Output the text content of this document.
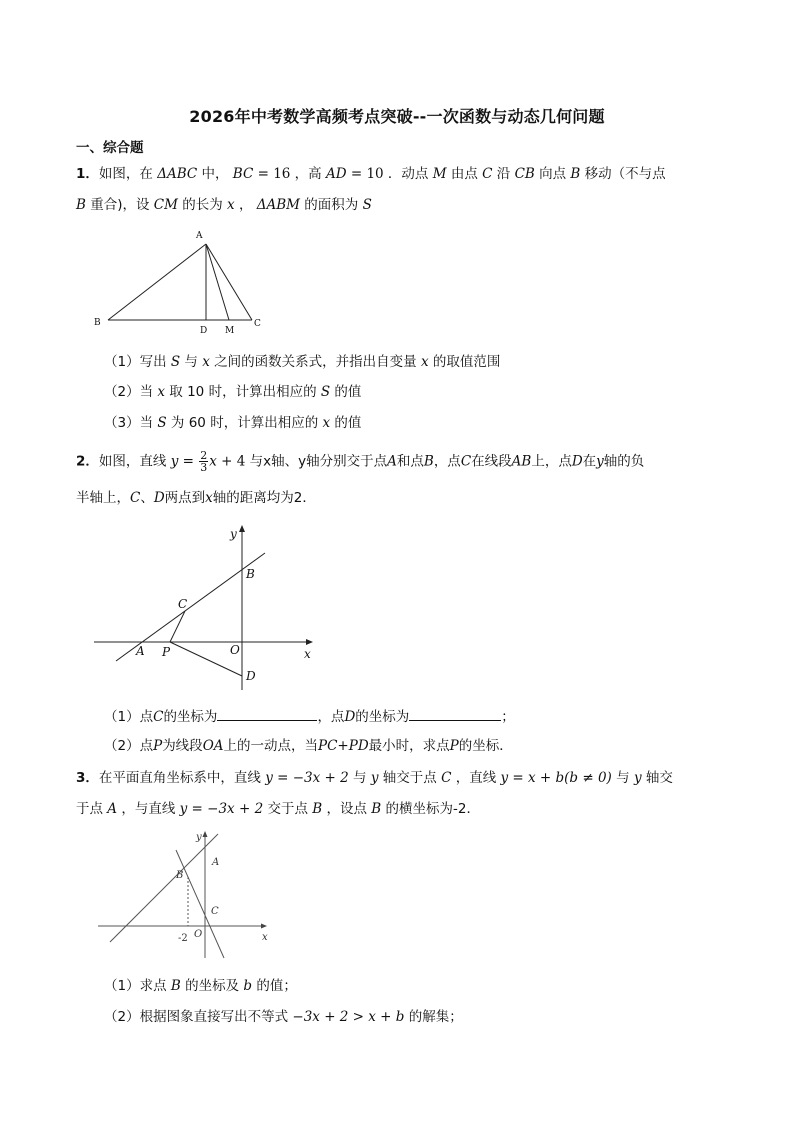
2026年中考数学高频考点突破--一次函数与动态几何问题
一、综合题
1．如图，在 ΔABC 中， BC = 16 ，高 AD = 10 ．动点 M 由点 C 沿 CB 向点 B 移动（不与点
B 重合)，设 CM 的长为 x ， ΔABM 的面积为 S
A
B
D M
C
（1）写出 S 与 x 之间的函数关系式，并指出自变量 x 的取值范围
（2）当 x 取 10 时，计算出相应的 S 的值
（3）当 S 为 60 时，计算出相应的 x 的值
2．如图，直线 $y = \frac{2}{3}$ x + 4 与x轴、y轴分别交于点A和点B，点C在线段AB上，点D在y轴的负
半轴上，C、D两点到x轴的距离均为2．
y
x
B
C
A P	O
D
（1）点C的坐标为	，点D的坐标为	；
（2）点P为线段OA上的一动点，当PC+PD最小时，求点P的坐标．
3．在平面直角坐标系中，直线 y = −3x + 2 与 y 轴交于点 C ，直线 y = x + b(b ≠ 0) 与 y 轴交
于点 A ，与直线 y = −3x + 2 交于点 B ，设点 B 的横坐标为-2．
y
x
A
B
C
O
-2
（1）求点 B 的坐标及 b 的值；
（2）根据图象直接写出不等式 −3x + 2 > x + b 的解集；
